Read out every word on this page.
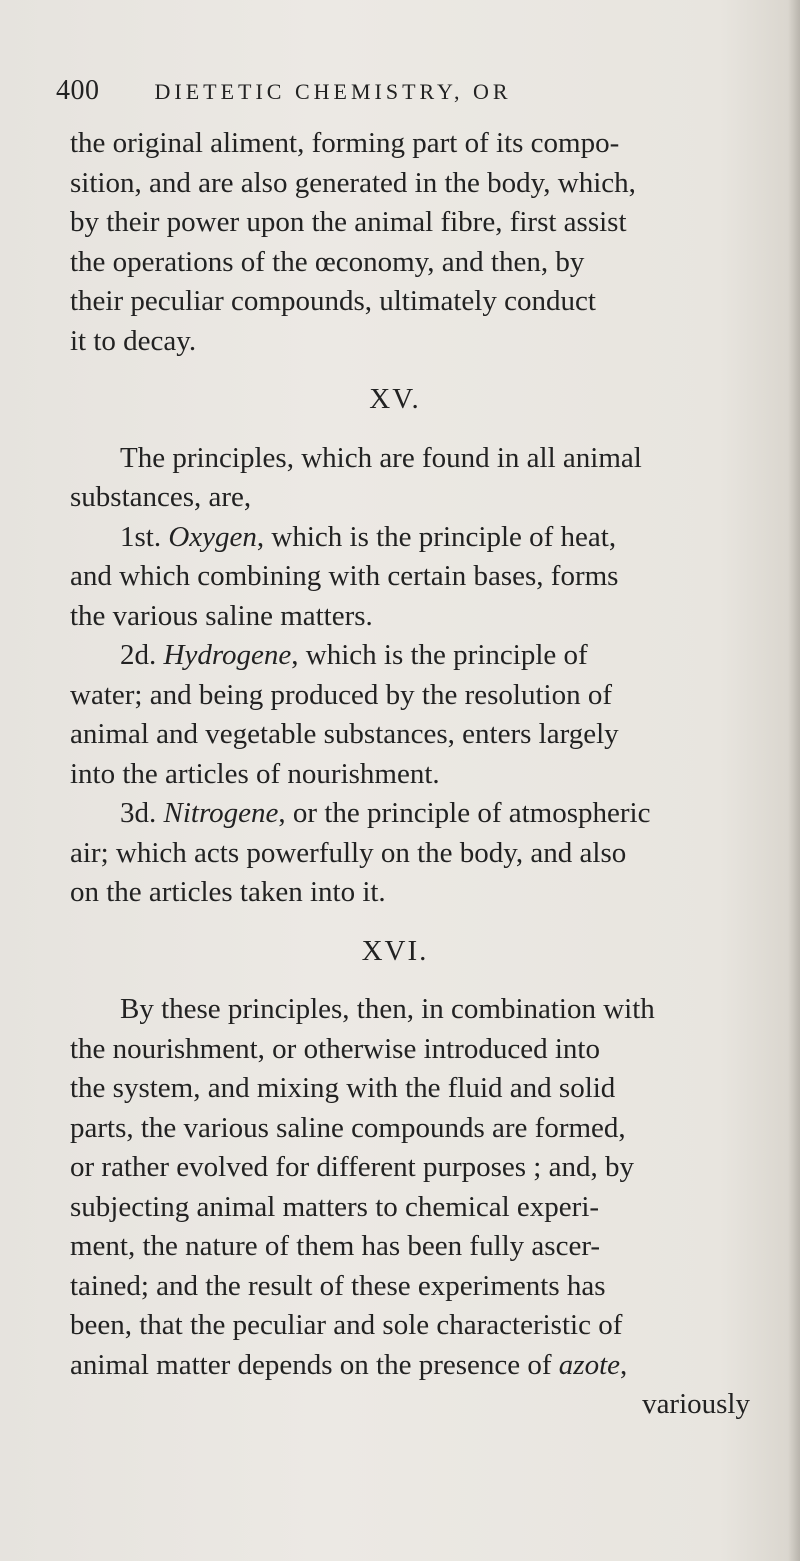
400	DIETETIC CHEMISTRY, OR
the original aliment, forming part of its compo-
sition, and are also generated in the body, which,
by their power upon the animal fibre, first assist
the operations of the œconomy, and then, by
their peculiar compounds, ultimately conduct
it to decay.
XV.
The principles, which are found in all animal
substances, are,
1st. Oxygen, which is the principle of heat,
and which combining with certain bases, forms
the various saline matters.
2d. Hydrogene, which is the principle of
water; and being produced by the resolution of
animal and vegetable substances, enters largely
into the articles of nourishment.
3d. Nitrogene, or the principle of atmospheric
air; which acts powerfully on the body, and also
on the articles taken into it.
XVI.
By these principles, then, in combination with
the nourishment, or otherwise introduced into
the system, and mixing with the fluid and solid
parts, the various saline compounds are formed,
or rather evolved for different purposes ; and, by
subjecting animal matters to chemical experi-
ment, the nature of them has been fully ascer-
tained; and the result of these experiments has
been, that the peculiar and sole characteristic of
animal matter depends on the presence of azote,
variously
